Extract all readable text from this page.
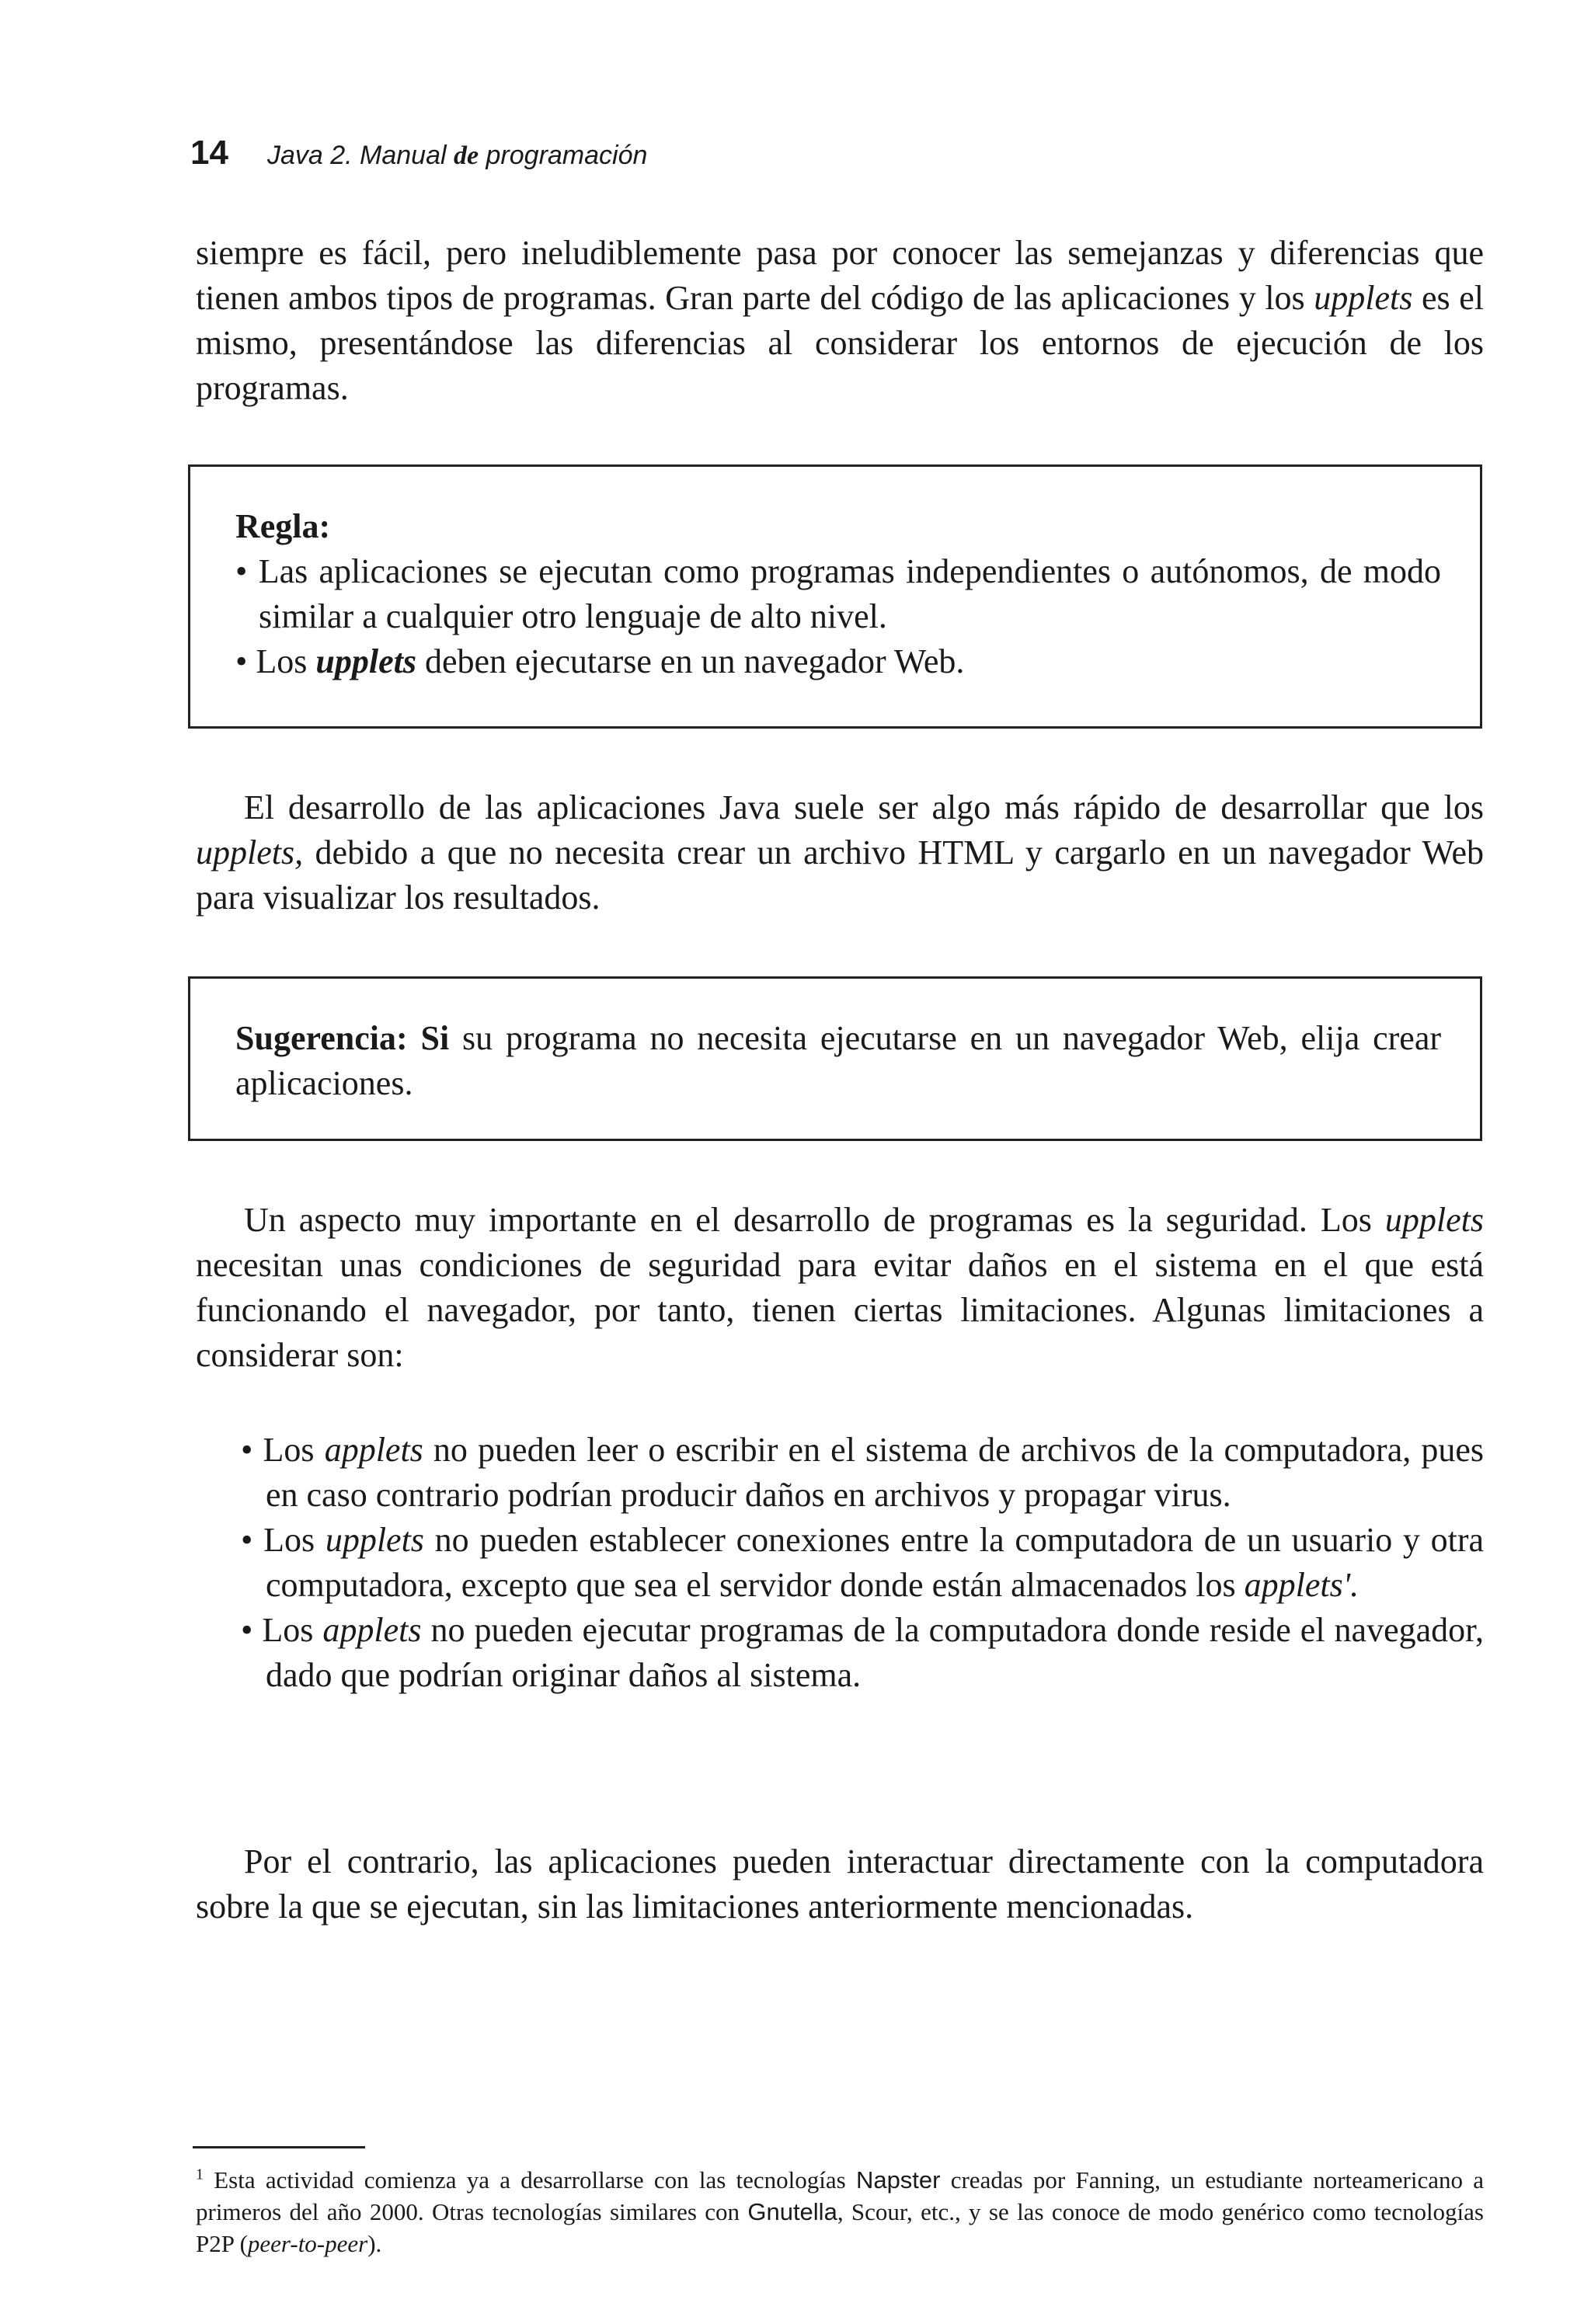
14 Java 2. Manual de programación

siempre es fácil, pero ineludiblemente pasa por conocer las semejanzas y diferencias que tienen ambos tipos de programas. Gran parte del código de las aplicaciones y los upplets es el mismo, presentándose las diferencias al considerar los entornos de ejecución de los programas.

Regla:

• Las aplicaciones se ejecutan como programas independientes o autónomos, de modo similar a cualquier otro lenguaje de alto nivel.

• Los upplets deben ejecutarse en un navegador Web.

El desarrollo de las aplicaciones Java suele ser algo más rápido de desarrollar que los upplets, debido a que no necesita crear un archivo HTML y cargarlo en un navegador Web para visualizar los resultados.

Sugerencia: Si su programa no necesita ejecutarse en un navegador Web, elija crear aplicaciones.

Un aspecto muy importante en el desarrollo de programas es la seguridad. Los upplets necesitan unas condiciones de seguridad para evitar daños en el sistema en el que está funcionando el navegador, por tanto, tienen ciertas limitaciones. Algunas limitaciones a considerar son:

• Los applets no pueden leer o escribir en el sistema de archivos de la computadora, pues en caso contrario podrían producir daños en archivos y propagar virus.

• Los upplets no pueden establecer conexiones entre la computadora de un usuario y otra computadora, excepto que sea el servidor donde están almacenados los applets'.

• Los applets no pueden ejecutar programas de la computadora donde reside el navegador, dado que podrían originar daños al sistema.

Por el contrario, las aplicaciones pueden interactuar directamente con la computadora sobre la que se ejecutan, sin las limitaciones anteriormente mencionadas.

$^1$ Esta actividad comienza ya a desarrollarse con las tecnologías Napster creadas por Fanning, un estudiante norteamericano a primeros del año 2000. Otras tecnologías similares con Gnutella, Scour, etc., y se las conoce de modo genérico como tecnologías P2P (peer-to-peer).
